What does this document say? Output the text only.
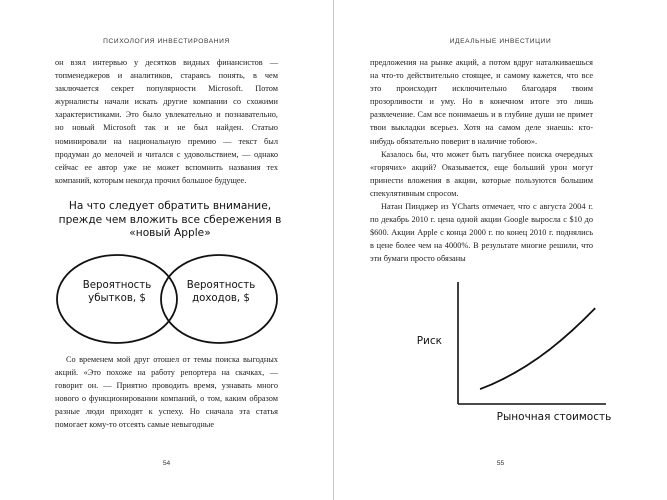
ПСИХОЛОГИЯ ИНВЕСТИРОВАНИЯ

он взял интервью у десятков видных финансистов — топменеджеров и аналитиков, стараясь понять, в чем заключается секрет популярности Microsoft. Потом журналисты начали искать другие компании со схожими характеристиками. Это было увлекательно и познавательно, но новый Microsoft так и не был найден. Статью номинировали на национальную премию — текст был продуман до мелочей и читался с удовольствием, — однако сейчас ее автор уже не может вспомнить названия тех компаний, которым некогда прочил большое будущее.

На что следует обратить внимание, прежде чем вложить все сбережения в «новый Apple»
Вероятность убытков, $
Вероятность доходов, $

Со временем мой друг отошел от темы поиска выгодных акций. «Это похоже на работу репортера на скачках, — говорит он. — Приятно проводить время, узнавать много нового о функционировании компаний, о том, каким образом разные люди приходят к успеху. Но сначала эта статья помогает кому-то отсеять самые невыгодные

54
ИДЕАЛЬНЫЕ ИНВЕСТИЦИИ

предложения на рынке акций, а потом вдруг наталкиваешься на что-то действительно стоящее, и самому кажется, что все это происходит исключительно благодаря твоим прозорливости и уму. Но в конечном итоге это лишь развлечение. Сам все понимаешь и в глубине души не примет твои выкладки всерьез. Хотя на самом деле знаешь: кто-нибудь обязательно поверит в наличие тобою».

Казалось бы, что может быть пагубнее поиска очередных «горячих» акций? Оказывается, еще больший урон могут принести вложения в акции, которые пользуются большим спекулятивным спросом.

Натан Пинджер из YCharts отмечает, что с августа 2004 г. по декабрь 2010 г. цена одной акции Google выросла с $10 до $600. Акции Apple с конца 2000 г. по конец 2010 г. поднялись в цене более чем на 4000%. В результате многие решили, что эти бумаги просто обязаны

Риск
Рыночная стоимость
55
